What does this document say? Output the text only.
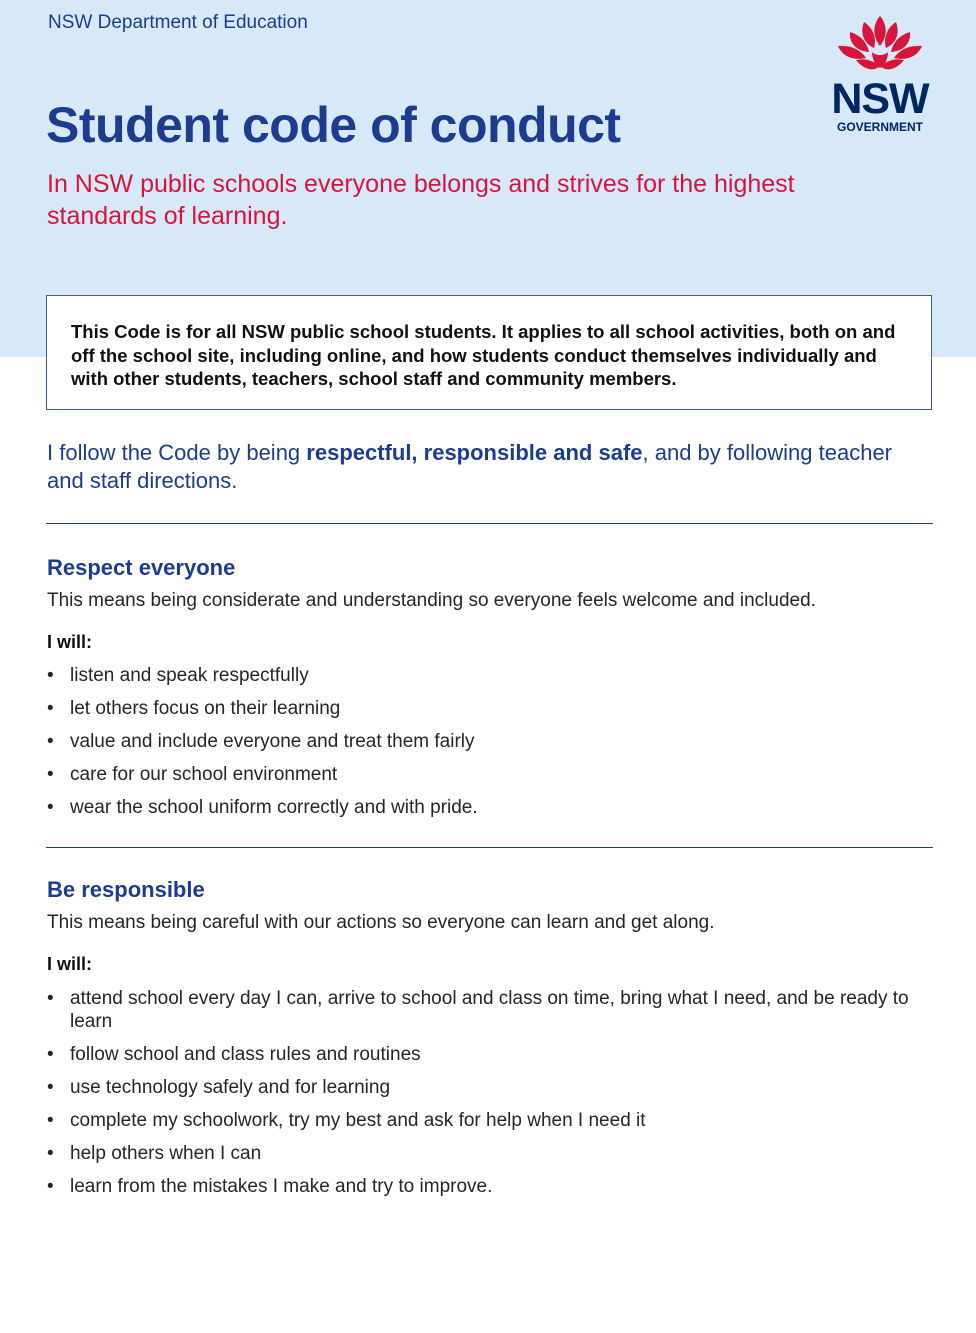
NSW Department of Education
NSW
GOVERNMENT
Student code of conduct

In NSW public schools everyone belongs and strives for the highest standards of learning.

This Code is for all NSW public school students. It applies to all school activities, both on and off the school site, including online, and how students conduct themselves individually and with other students, teachers, school staff and community members.

I follow the Code by being respectful, responsible and safe, and by following teacher and staff directions.

Respect everyone

This means being considerate and understanding so everyone feels welcome and included.

I will:

• listen and speak respectfully
• let others focus on their learning
• value and include everyone and treat them fairly
• care for our school environment
• wear the school uniform correctly and with pride.
Be responsible

This means being careful with our actions so everyone can learn and get along.

I will:

• attend school every day I can, arrive to school and class on time, bring what I need, and be ready to learn
• follow school and class rules and routines
• use technology safely and for learning
• complete my schoolwork, try my best and ask for help when I need it
• help others when I can
• learn from the mistakes I make and try to improve.
